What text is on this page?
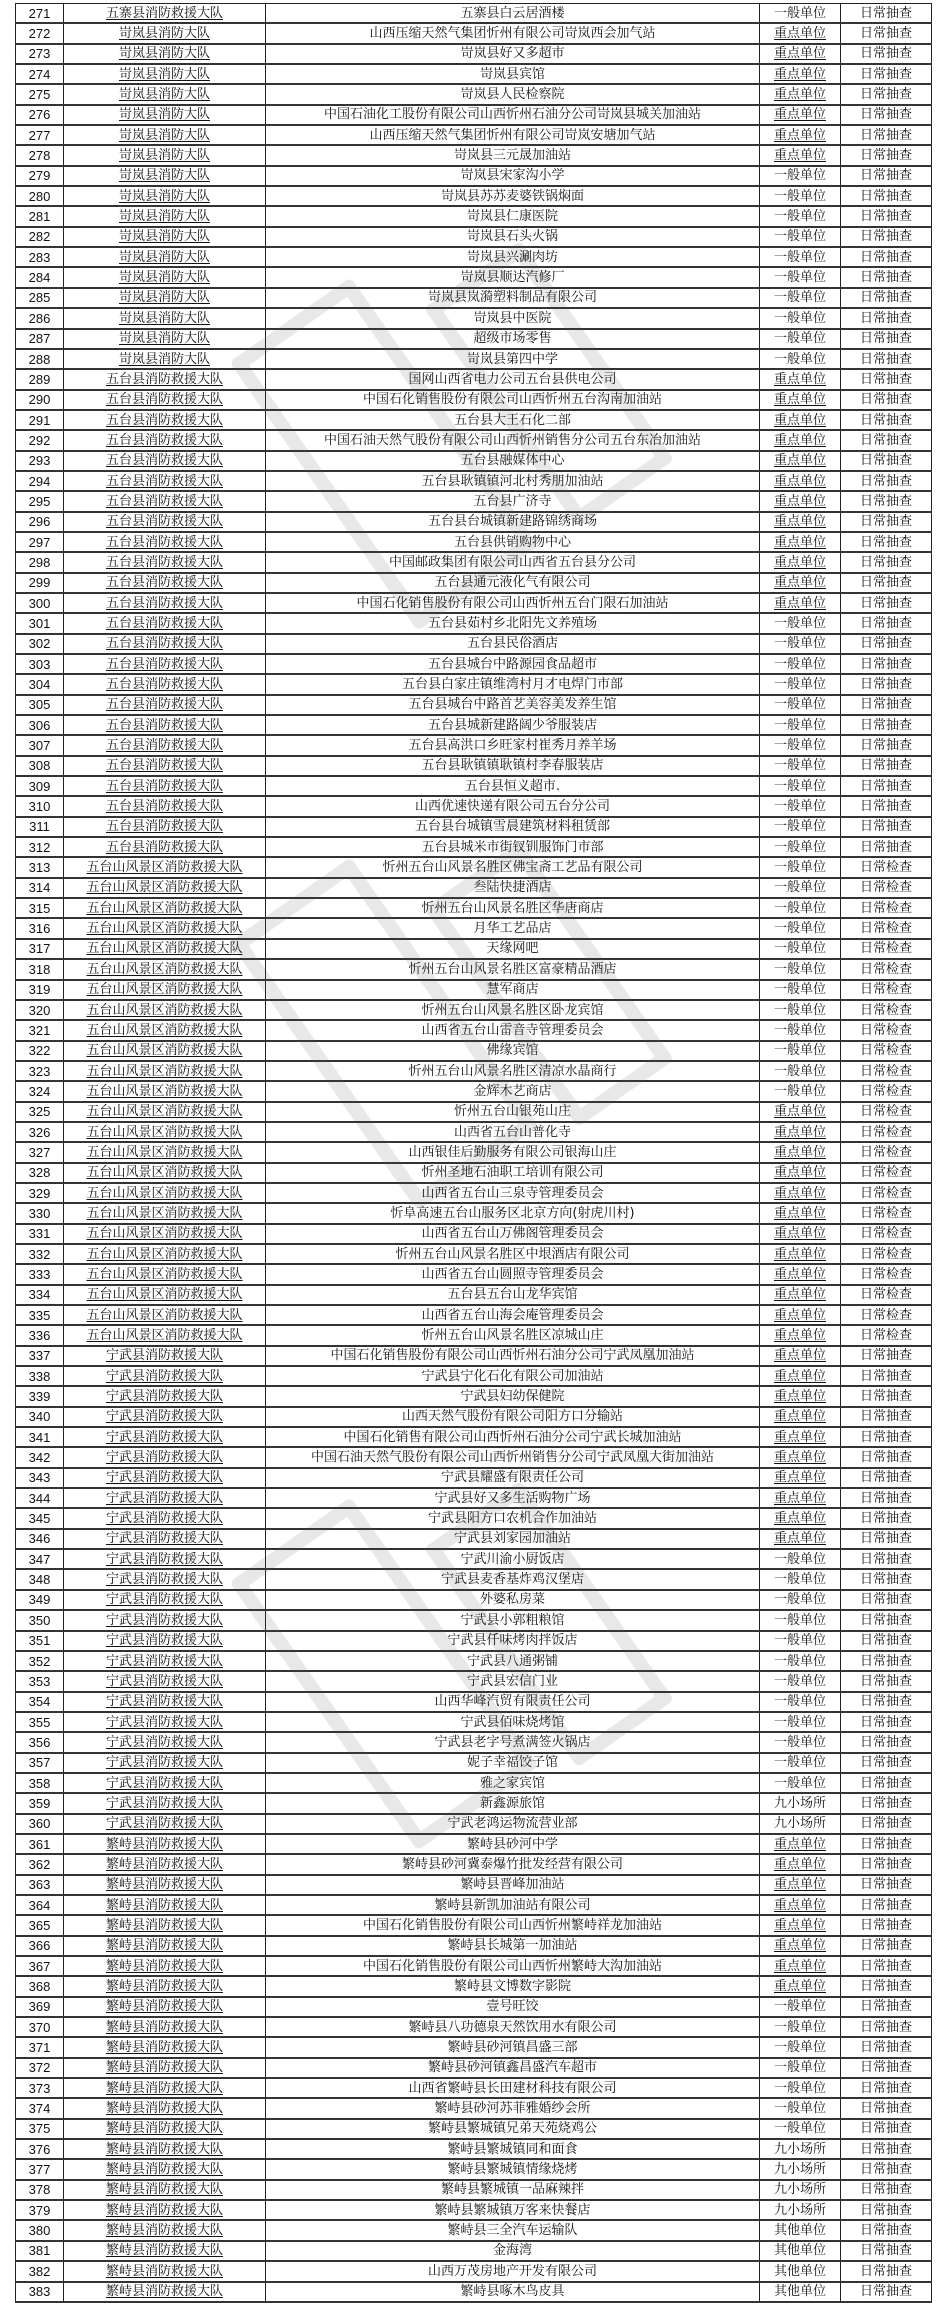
271	五寨县消防救援大队	五寨县白云居酒楼	一般单位	日常抽查
272	岢岚县消防大队	山西压缩天然气集团忻州有限公司岢岚西会加气站	重点单位	日常抽查
273	岢岚县消防大队	岢岚县好又多超市	重点单位	日常抽查
274	岢岚县消防大队	岢岚县宾馆	重点单位	日常抽查
275	岢岚县消防大队	岢岚县人民检察院	重点单位	日常抽查
276	岢岚县消防大队	中国石油化工股份有限公司山西忻州石油分公司岢岚县城关加油站	重点单位	日常抽查
277	岢岚县消防大队	山西压缩天然气集团忻州有限公司岢岚安塘加气站	重点单位	日常抽查
278	岢岚县消防大队	岢岚县三元晟加油站	重点单位	日常抽查
279	岢岚县消防大队	岢岚县宋家沟小学	一般单位	日常抽查
280	岢岚县消防大队	岢岚县苏苏麦婆铁锅焖面	一般单位	日常抽查
281	岢岚县消防大队	岢岚县仁康医院	一般单位	日常抽查
282	岢岚县消防大队	岢岚县石头火锅	一般单位	日常抽查
283	岢岚县消防大队	岢岚县兴涮肉坊	一般单位	日常抽查
284	岢岚县消防大队	岢岚县顺达汽修厂	一般单位	日常抽查
285	岢岚县消防大队	岢岚县岚漪塑料制品有限公司	一般单位	日常抽查
286	岢岚县消防大队	岢岚县中医院	一般单位	日常抽查
287	岢岚县消防大队	超级市场零售	一般单位	日常抽查
288	岢岚县消防大队	岢岚县第四中学	一般单位	日常抽查
289	五台县消防救援大队	国网山西省电力公司五台县供电公司	重点单位	日常抽查
290	五台县消防救援大队	中国石化销售股份有限公司山西忻州五台沟南加油站	重点单位	日常抽查
291	五台县消防救援大队	五台县大王石化二部	重点单位	日常抽查
292	五台县消防救援大队	中国石油天然气股份有限公司山西忻州销售分公司五台东冶加油站	重点单位	日常抽查
293	五台县消防救援大队	五台县融媒体中心	重点单位	日常抽查
294	五台县消防救援大队	五台县耿镇镇河北村秀朋加油站	重点单位	日常抽查
295	五台县消防救援大队	五台县广济寺	重点单位	日常抽查
296	五台县消防救援大队	五台县台城镇新建路锦绣商场	重点单位	日常抽查
297	五台县消防救援大队	五台县供销购物中心	重点单位	日常抽查
298	五台县消防救援大队	中国邮政集团有限公司山西省五台县分公司	重点单位	日常抽查
299	五台县消防救援大队	五台县通元液化气有限公司	重点单位	日常抽查
300	五台县消防救援大队	中国石化销售股份有限公司山西忻州五台门限石加油站	重点单位	日常抽查
301	五台县消防救援大队	五台县茹村乡北阳先文养殖场	一般单位	日常抽查
302	五台县消防救援大队	五台县民俗酒店	一般单位	日常抽查
303	五台县消防救援大队	五台县城台中路源园食品超市	一般单位	日常抽查
304	五台县消防救援大队	五台县白家庄镇维湾村月才电焊门市部	一般单位	日常抽查
305	五台县消防救援大队	五台县城台中路首艺美容美发养生馆	一般单位	日常抽查
306	五台县消防救援大队	五台县城新建路阔少爷服装店	一般单位	日常抽查
307	五台县消防救援大队	五台县高洪口乡旺家村崔秀月养羊场	一般单位	日常抽查
308	五台县消防救援大队	五台县耿镇镇耿镇村李春服装店	一般单位	日常抽查
309	五台县消防救援大队	五台县恒义超市.	一般单位	日常抽查
310	五台县消防救援大队	山西优速快递有限公司五台分公司	一般单位	日常抽查
311	五台县消防救援大队	五台县台城镇雪晨建筑材料租赁部	一般单位	日常抽查
312	五台县消防救援大队	五台县城米市街钗钏服饰门市部	一般单位	日常抽查
313	五台山风景区消防救援大队	忻州五台山风景名胜区佛宝斋工艺品有限公司	一般单位	日常检查
314	五台山风景区消防救援大队	叁陆快捷酒店	一般单位	日常检查
315	五台山风景区消防救援大队	忻州五台山风景名胜区华唐商店	一般单位	日常检查
316	五台山风景区消防救援大队	月华工艺品店	一般单位	日常检查
317	五台山风景区消防救援大队	天缘网吧	一般单位	日常检查
318	五台山风景区消防救援大队	忻州五台山风景名胜区富豪精品酒店	一般单位	日常检查
319	五台山风景区消防救援大队	慧军商店	一般单位	日常检查
320	五台山风景区消防救援大队	忻州五台山风景名胜区卧龙宾馆	一般单位	日常检查
321	五台山风景区消防救援大队	山西省五台山雷音寺管理委员会	一般单位	日常检查
322	五台山风景区消防救援大队	佛缘宾馆	一般单位	日常检查
323	五台山风景区消防救援大队	忻州五台山风景名胜区清凉水晶商行	一般单位	日常检查
324	五台山风景区消防救援大队	金辉木艺商店	一般单位	日常检查
325	五台山风景区消防救援大队	忻州五台山银苑山庄	重点单位	日常检查
326	五台山风景区消防救援大队	山西省五台山普化寺	重点单位	日常检查
327	五台山风景区消防救援大队	山西银佳后勤服务有限公司银海山庄	重点单位	日常检查
328	五台山风景区消防救援大队	忻州圣地石油职工培训有限公司	重点单位	日常检查
329	五台山风景区消防救援大队	山西省五台山三泉寺管理委员会	重点单位	日常检查
330	五台山风景区消防救援大队	忻阜高速五台山服务区北京方向(射虎川村)	重点单位	日常检查
331	五台山风景区消防救援大队	山西省五台山万佛阁管理委员会	重点单位	日常检查
332	五台山风景区消防救援大队	忻州五台山风景名胜区中垠酒店有限公司	重点单位	日常检查
333	五台山风景区消防救援大队	山西省五台山圆照寺管理委员会	重点单位	日常检查
334	五台山风景区消防救援大队	五台县五台山龙华宾馆	重点单位	日常检查
335	五台山风景区消防救援大队	山西省五台山海会庵管理委员会	重点单位	日常检查
336	五台山风景区消防救援大队	忻州五台山风景名胜区凉城山庄	重点单位	日常检查
337	宁武县消防救援大队	中国石化销售股份有限公司山西忻州石油分公司宁武凤凰加油站	重点单位	日常抽查
338	宁武县消防救援大队	宁武县宁化石化有限公司加油站	重点单位	日常抽查
339	宁武县消防救援大队	宁武县妇幼保健院	重点单位	日常抽查
340	宁武县消防救援大队	山西天然气股份有限公司阳方口分输站	重点单位	日常抽查
341	宁武县消防救援大队	中国石化销售有限公司山西忻州石油分公司宁武长城加油站	重点单位	日常抽查
342	宁武县消防救援大队	中国石油天然气股份有限公司山西忻州销售分公司宁武凤凰大街加油站	重点单位	日常抽查
343	宁武县消防救援大队	宁武县耀盛有限责任公司	重点单位	日常抽查
344	宁武县消防救援大队	宁武县好又多生活购物广场	重点单位	日常抽查
345	宁武县消防救援大队	宁武县阳方口农机合作加油站	重点单位	日常抽查
346	宁武县消防救援大队	宁武县刘家园加油站	重点单位	日常抽查
347	宁武县消防救援大队	宁武川渝小厨饭店	一般单位	日常抽查
348	宁武县消防救援大队	宁武县麦香基炸鸡汉堡店	一般单位	日常抽查
349	宁武县消防救援大队	外婆私房菜	一般单位	日常抽查
350	宁武县消防救援大队	宁武县小郭粗粮馆	一般单位	日常抽查
351	宁武县消防救援大队	宁武县仟味烤肉拌饭店	一般单位	日常抽查
352	宁武县消防救援大队	宁武县八通粥铺	一般单位	日常抽查
353	宁武县消防救援大队	宁武县宏信门业	一般单位	日常抽查
354	宁武县消防救援大队	山西华峰汽贸有限责任公司	一般单位	日常抽查
355	宁武县消防救援大队	宁武县佰味烧烤馆	一般单位	日常抽查
356	宁武县消防救援大队	宁武县老字号煮满签火锅店	一般单位	日常抽查
357	宁武县消防救援大队	妮子幸福饺子馆	一般单位	日常抽查
358	宁武县消防救援大队	雅之家宾馆	一般单位	日常抽查
359	宁武县消防救援大队	新鑫源旅馆	九小场所	日常抽查
360	宁武县消防救援大队	宁武老鸿运物流营业部	九小场所	日常抽查
361	繁峙县消防救援大队	繁峙县砂河中学	重点单位	日常抽查
362	繁峙县消防救援大队	繁峙县砂河冀泰爆竹批发经营有限公司	重点单位	日常抽查
363	繁峙县消防救援大队	繁峙县晋峰加油站	重点单位	日常抽查
364	繁峙县消防救援大队	繁峙县新凯加油站有限公司	重点单位	日常抽查
365	繁峙县消防救援大队	中国石化销售股份有限公司山西忻州繁峙祥龙加油站	重点单位	日常抽查
366	繁峙县消防救援大队	繁峙县长城第一加油站	重点单位	日常抽查
367	繁峙县消防救援大队	中国石化销售股份有限公司山西忻州繁峙大沟加油站	重点单位	日常抽查
368	繁峙县消防救援大队	繁峙县文博数字影院	重点单位	日常抽查
369	繁峙县消防救援大队	壹号旺饺	一般单位	日常抽查
370	繁峙县消防救援大队	繁峙县八功德泉天然饮用水有限公司	一般单位	日常抽查
371	繁峙县消防救援大队	繁峙县砂河镇昌盛三部	一般单位	日常抽查
372	繁峙县消防救援大队	繁峙县砂河镇鑫昌盛汽车超市	一般单位	日常抽查
373	繁峙县消防救援大队	山西省繁峙县长田建材科技有限公司	一般单位	日常抽查
374	繁峙县消防救援大队	繁峙县砂河苏菲雅婚纱会所	一般单位	日常抽查
375	繁峙县消防救援大队	繁峙县繁城镇兄弟天苑烧鸡公	一般单位	日常抽查
376	繁峙县消防救援大队	繁峙县繁城镇同和面食	九小场所	日常抽查
377	繁峙县消防救援大队	繁峙县繁城镇情缘烧烤	九小场所	日常抽查
378	繁峙县消防救援大队	繁峙县繁城镇一品麻辣拌	九小场所	日常抽查
379	繁峙县消防救援大队	繁峙县繁城镇万客来快餐店	九小场所	日常抽查
380	繁峙县消防救援大队	繁峙县三全汽车运输队	其他单位	日常抽查
381	繁峙县消防救援大队	金海湾	其他单位	日常抽查
382	繁峙县消防救援大队	山西万茂房地产开发有限公司	其他单位	日常抽查
383	繁峙县消防救援大队	繁峙县啄木鸟皮具	其他单位	日常抽查
